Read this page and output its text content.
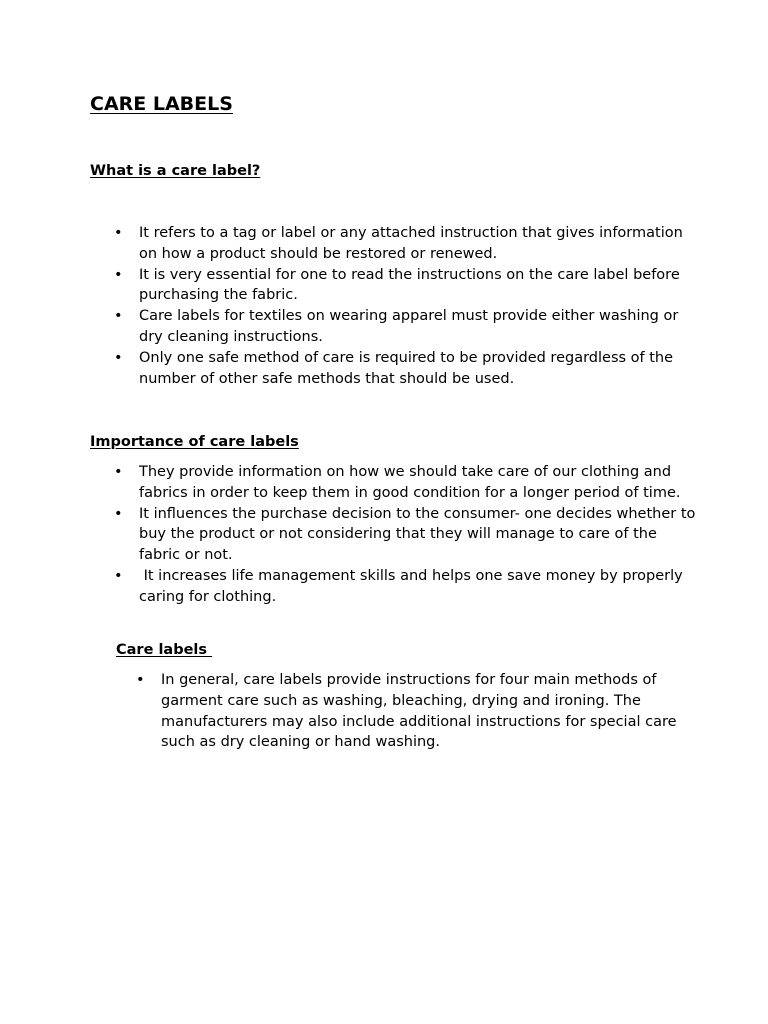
CARE LABELS
What is a care label?
• It refers to a tag or label or any attached instruction that gives information on how a product should be restored or renewed.
• It is very essential for one to read the instructions on the care label before purchasing the fabric.
• Care labels for textiles on wearing apparel must provide either washing or dry cleaning instructions.
• Only one safe method of care is required to be provided regardless of the number of other safe methods that should be used.
Importance of care labels
• They provide information on how we should take care of our clothing and fabrics in order to keep them in good condition for a longer period of time.
• It influences the purchase decision to the consumer- one decides whether to buy the product or not considering that they will manage to care of the fabric or not.
• It increases life management skills and helps one save money by properly caring for clothing.
Care labels
• In general, care labels provide instructions for four main methods of garment care such as washing, bleaching, drying and ironing. The manufacturers may also include additional instructions for special care such as dry cleaning or hand washing.
